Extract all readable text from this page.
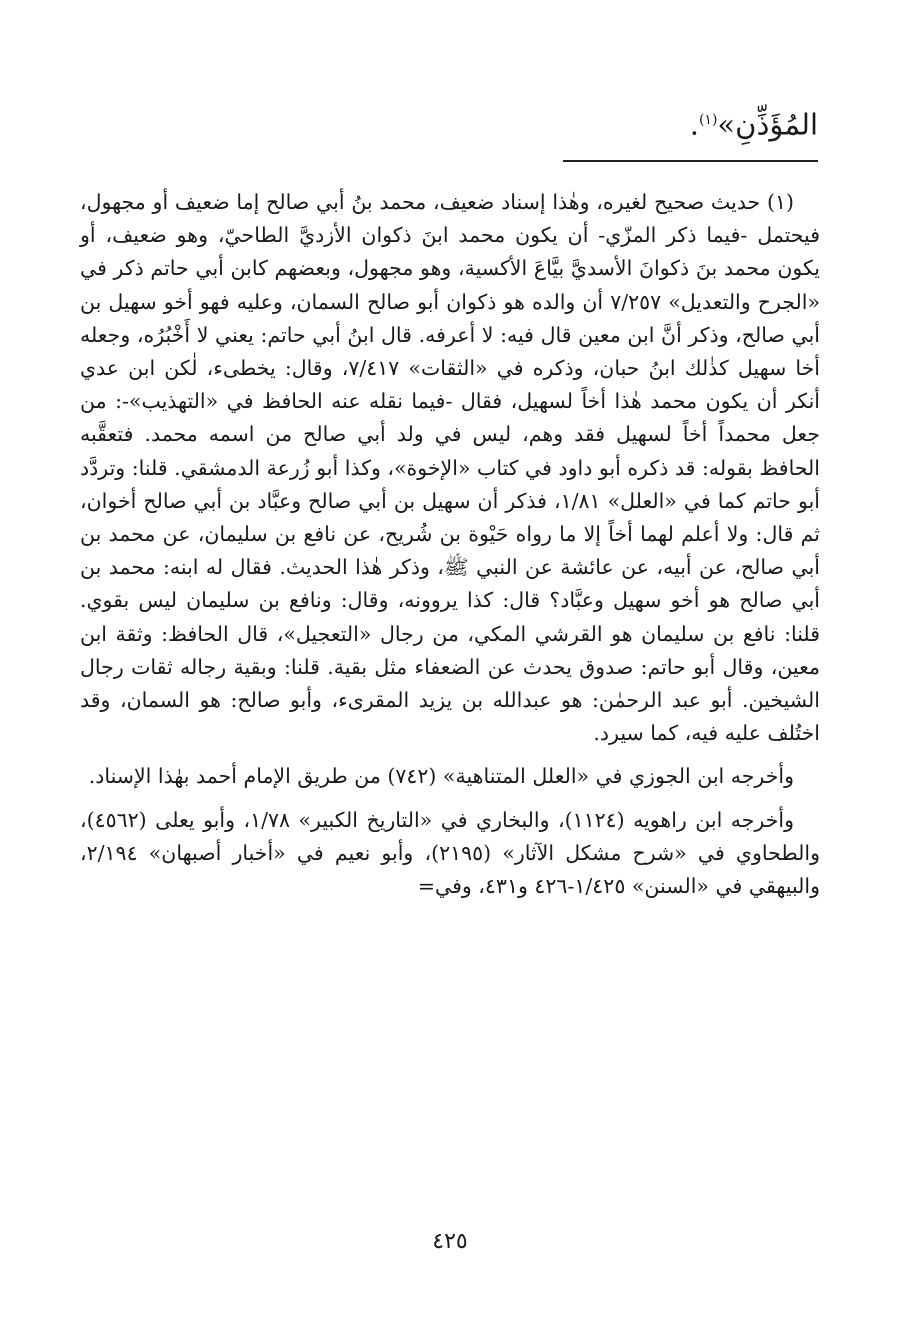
المُؤَذِّنِ»$^{(١)}$.

(١) حديث صحيح لغيره، وهٰذا إسناد ضعيف، محمد بنُ أبي صالح إما ضعيف أو مجهول، فيحتمل -فيما ذكر المزّي- أن يكون محمد ابنَ ذكوان الأزديَّ الطاحيّ، وهو ضعيف، أو يكون محمد بنَ ذكوانَ الأسديَّ بيَّاعَ الأكسية، وهو مجهول، وبعضهم كابن أبي حاتم ذكر في «الجرح والتعديل» ٧/٢٥٧ أن والده هو ذكوان أبو صالح السمان، وعليه فهو أخو سهيل بن أبي صالح، وذكر أنَّ ابن معين قال فيه: لا أعرفه. قال ابنُ أبي حاتم: يعني لا أَخْبُرُه، وجعله أخا سهيل كذٰلك ابنُ حبان، وذكره في «الثقات» ٧/٤١٧، وقال: يخطىء، لٰكن ابن عدي أنكر أن يكون محمد هٰذا أخاً لسهيل، فقال -فيما نقله عنه الحافظ في «التهذيب»-: من جعل محمداً أخاً لسهيل فقد وهم، ليس في ولد أبي صالح من اسمه محمد. فتعقَّبه الحافظ بقوله: قد ذكره أبو داود في كتاب «الإخوة»، وكذا أبو زُرعة الدمشقي. قلنا: وتردَّد أبو حاتم كما في «العلل» ١/٨١، فذكر أن سهيل بن أبي صالح وعبَّاد بن أبي صالح أخوان، ثم قال: ولا أعلم لهما أخاً إلا ما رواه حَيْوة بن شُريح، عن نافع بن سليمان، عن محمد بن أبي صالح، عن أبيه، عن عائشة عن النبي ﷺ، وذكر هٰذا الحديث. فقال له ابنه: محمد بن أبي صالح هو أخو سهيل وعبَّاد؟ قال: كذا يروونه، وقال: ونافع بن سليمان ليس بقوي. قلنا: نافع بن سليمان هو القرشي المكي، من رجال «التعجيل»، قال الحافظ: وثقة ابن معين، وقال أبو حاتم: صدوق يحدث عن الضعفاء مثل بقية. قلنا: وبقية رجاله ثقات رجال الشيخين. أبو عبد الرحمٰن: هو عبدالله بن يزيد المقرىء، وأبو صالح: هو السمان، وقد اختُلف عليه فيه، كما سيرد.

وأخرجه ابن الجوزي في «العلل المتناهية» (٧٤٢) من طريق الإمام أحمد بهٰذا الإسناد.

وأخرجه ابن راهويه (١١٢٤)، والبخاري في «التاريخ الكبير» ١/٧٨، وأبو يعلى (٤٥٦٢)، والطحاوي في «شرح مشكل الآثار» (٢١٩٥)، وأبو نعيم في «أخبار أصبهان» ٢/١٩٤، والبيهقي في «السنن» ١/٤٢٥-٤٢٦ و٤٣١، وفي=

٤٢٥
